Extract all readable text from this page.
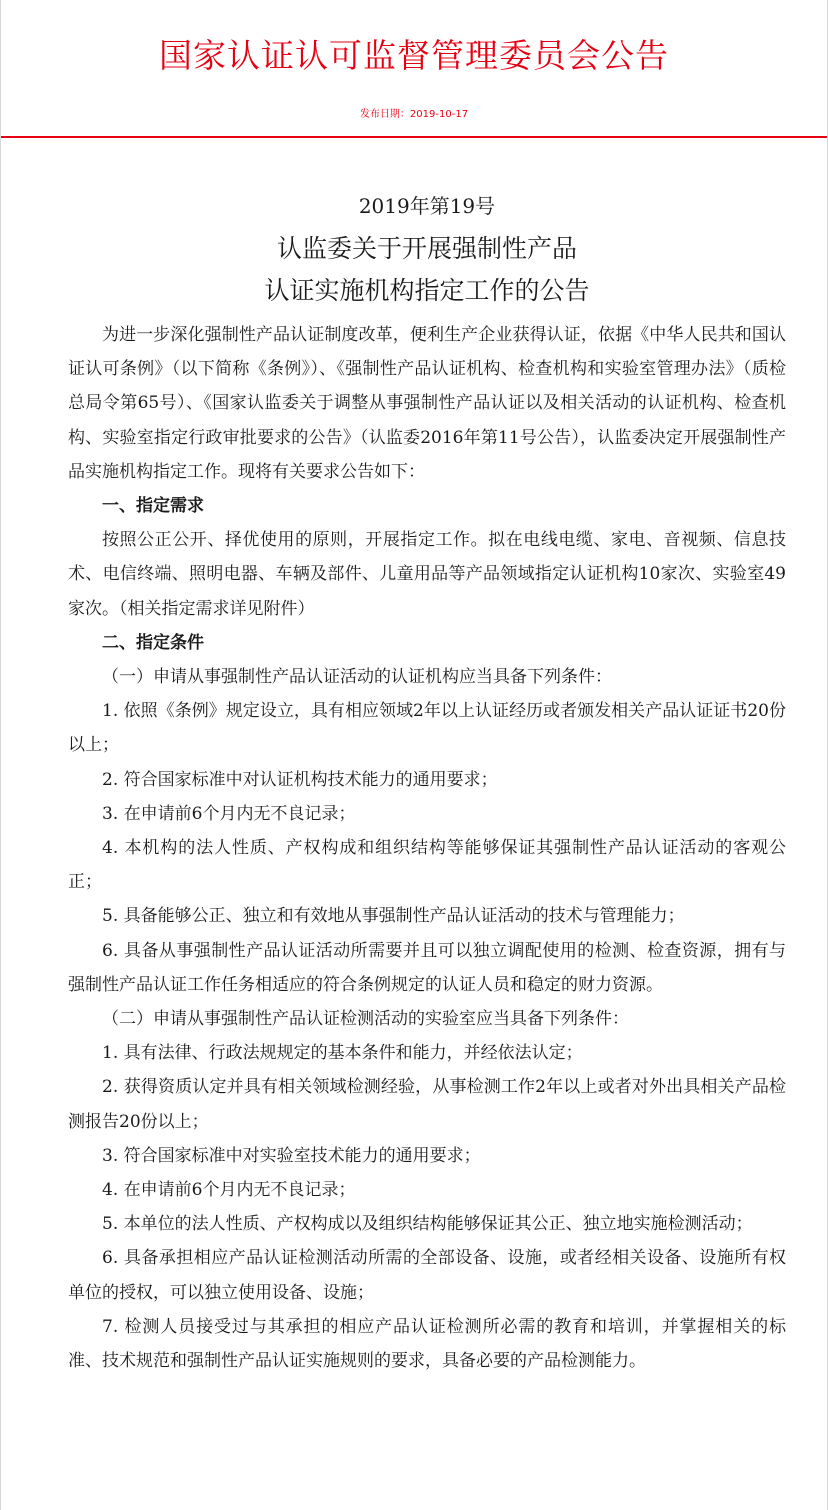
国家认证认可监督管理委员会公告
发布日期：2019-10-17

2019年第19号

认监委关于开展强制性产品
认证实施机构指定工作的公告

为进一步深化强制性产品认证制度改革，便利生产企业获得认证，依据《中华人民共和国认证认可条例》（以下简称《条例》）、《强制性产品认证机构、检查机构和实验室管理办法》（质检总局令第65号）、《国家认监委关于调整从事强制性产品认证以及相关活动的认证机构、检查机构、实验室指定行政审批要求的公告》（认监委2016年第11号公告），认监委决定开展强制性产品实施机构指定工作。现将有关要求公告如下：

一、指定需求

按照公正公开、择优使用的原则，开展指定工作。拟在电线电缆、家电、音视频、信息技术、电信终端、照明电器、车辆及部件、儿童用品等产品领域指定认证机构10家次、实验室49家次。（相关指定需求详见附件）

二、指定条件

（一）申请从事强制性产品认证活动的认证机构应当具备下列条件：

1. 依照《条例》规定设立，具有相应领域2年以上认证经历或者颁发相关产品认证证书20份以上；

2. 符合国家标准中对认证机构技术能力的通用要求；

3. 在申请前6个月内无不良记录；

4. 本机构的法人性质、产权构成和组织结构等能够保证其强制性产品认证活动的客观公正；

5. 具备能够公正、独立和有效地从事强制性产品认证活动的技术与管理能力；

6. 具备从事强制性产品认证活动所需要并且可以独立调配使用的检测、检查资源，拥有与强制性产品认证工作任务相适应的符合条例规定的认证人员和稳定的财力资源。

（二）申请从事强制性产品认证检测活动的实验室应当具备下列条件：

1. 具有法律、行政法规规定的基本条件和能力，并经依法认定；

2. 获得资质认定并具有相关领域检测经验，从事检测工作2年以上或者对外出具相关产品检测报告20份以上；

3. 符合国家标准中对实验室技术能力的通用要求；

4. 在申请前6个月内无不良记录；

5. 本单位的法人性质、产权构成以及组织结构能够保证其公正、独立地实施检测活动；

6. 具备承担相应产品认证检测活动所需的全部设备、设施，或者经相关设备、设施所有权单位的授权，可以独立使用设备、设施；

7. 检测人员接受过与其承担的相应产品认证检测所必需的教育和培训，并掌握相关的标准、技术规范和强制性产品认证实施规则的要求，具备必要的产品检测能力。
